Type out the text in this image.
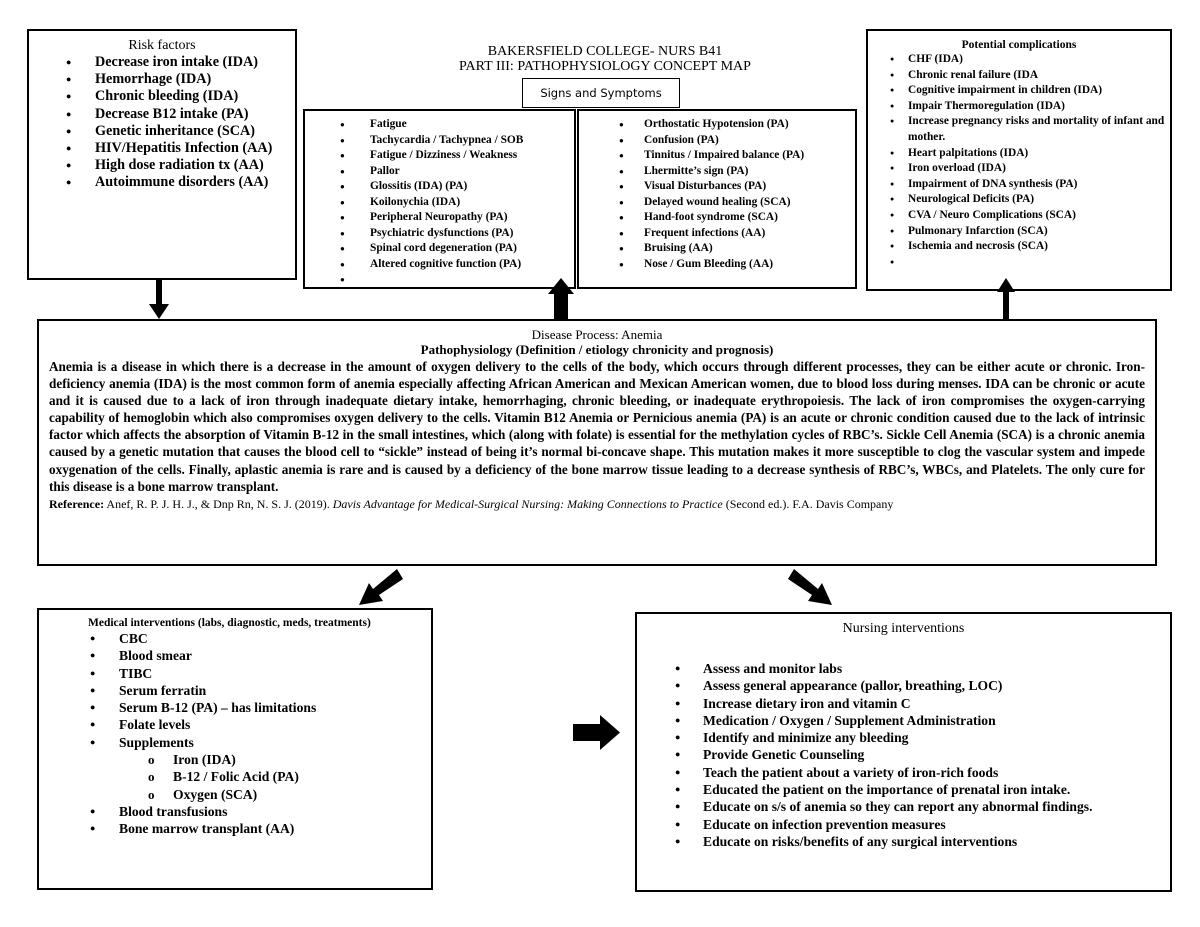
BAKERSFIELD COLLEGE- NURS B41
PART III: PATHOPHYSIOLOGY CONCEPT MAP
Signs and Symptoms
Risk factors
● Decrease iron intake (IDA)
● Hemorrhage (IDA)
● Chronic bleeding (IDA)
● Decrease B12 intake (PA)
● Genetic inheritance (SCA)
● HIV/Hepatitis Infection (AA)
● High dose radiation tx (AA)
● Autoimmune disorders (AA)
● Fatigue
● Tachycardia / Tachypnea / SOB
● Fatigue / Dizziness / Weakness
● Pallor
● Glossitis (IDA) (PA)
● Koilonychia (IDA)
● Peripheral Neuropathy (PA)
● Psychiatric dysfunctions (PA)
● Spinal cord degeneration (PA)
● Altered cognitive function (PA)
●
● Orthostatic Hypotension (PA)
● Confusion (PA)
● Tinnitus / Impaired balance (PA)
● Lhermitte’s sign (PA)
● Visual Disturbances (PA)
● Delayed wound healing (SCA)
● Hand-foot syndrome (SCA)
● Frequent infections (AA)
● Bruising (AA)
● Nose / Gum Bleeding (AA)
Potential complications
● CHF (IDA)
● Chronic renal failure (IDA
● Cognitive impairment in children (IDA)
● Impair Thermoregulation (IDA)
● Increase pregnancy risks and mortality of infant and mother.
● Heart palpitations (IDA)
● Iron overload (IDA)
● Impairment of DNA synthesis (PA)
● Neurological Deficits (PA)
● CVA / Neuro Complications (SCA)
● Pulmonary Infarction (SCA)
● Ischemia and necrosis (SCA)
●
Disease Process: Anemia
Pathophysiology (Definition / etiology chronicity and prognosis)
Anemia is a disease in which there is a decrease in the amount of oxygen delivery to the cells of the body, which occurs through different processes, they can be either acute or chronic. Iron-deficiency anemia (IDA) is the most common form of anemia especially affecting African American and Mexican American women, due to blood loss during menses. IDA can be chronic or acute and it is caused due to a lack of iron through inadequate dietary intake, hemorrhaging, chronic bleeding, or inadequate erythropoiesis. The lack of iron compromises the oxygen-carrying capability of hemoglobin which also compromises oxygen delivery to the cells. Vitamin B12 Anemia or Pernicious anemia (PA) is an acute or chronic condition caused due to the lack of intrinsic factor which affects the absorption of Vitamin B-12 in the small intestines, which (along with folate) is essential for the methylation cycles of RBC’s. Sickle Cell Anemia (SCA) is a chronic anemia caused by a genetic mutation that causes the blood cell to “sickle” instead of being it’s normal bi-concave shape. This mutation makes it more susceptible to clog the vascular system and impede oxygenation of the cells. Finally, aplastic anemia is rare and is caused by a deficiency of the bone marrow tissue leading to a decrease synthesis of RBC’s, WBCs, and Platelets. The only cure for this disease is a bone marrow transplant.
Reference: Anef, R. P. J. H. J., & Dnp Rn, N. S. J. (2019). Davis Advantage for Medical-Surgical Nursing: Making Connections to Practice (Second ed.). F.A. Davis Company
Medical interventions (labs, diagnostic, meds, treatments)
● CBC
● Blood smear
● TIBC
● Serum ferratin
● Serum B-12 (PA) – has limitations
● Folate levels
● Supplements
o Iron (IDA)
o B-12 / Folic Acid (PA)
o Oxygen (SCA)
● Blood transfusions
● Bone marrow transplant (AA)
Nursing interventions
● Assess and monitor labs
● Assess general appearance (pallor, breathing, LOC)
● Increase dietary iron and vitamin C
● Medication / Oxygen / Supplement Administration
● Identify and minimize any bleeding
● Provide Genetic Counseling
● Teach the patient about a variety of iron-rich foods
● Educated the patient on the importance of prenatal iron intake.
● Educate on s/s of anemia so they can report any abnormal findings.
● Educate on infection prevention measures
● Educate on risks/benefits of any surgical interventions
